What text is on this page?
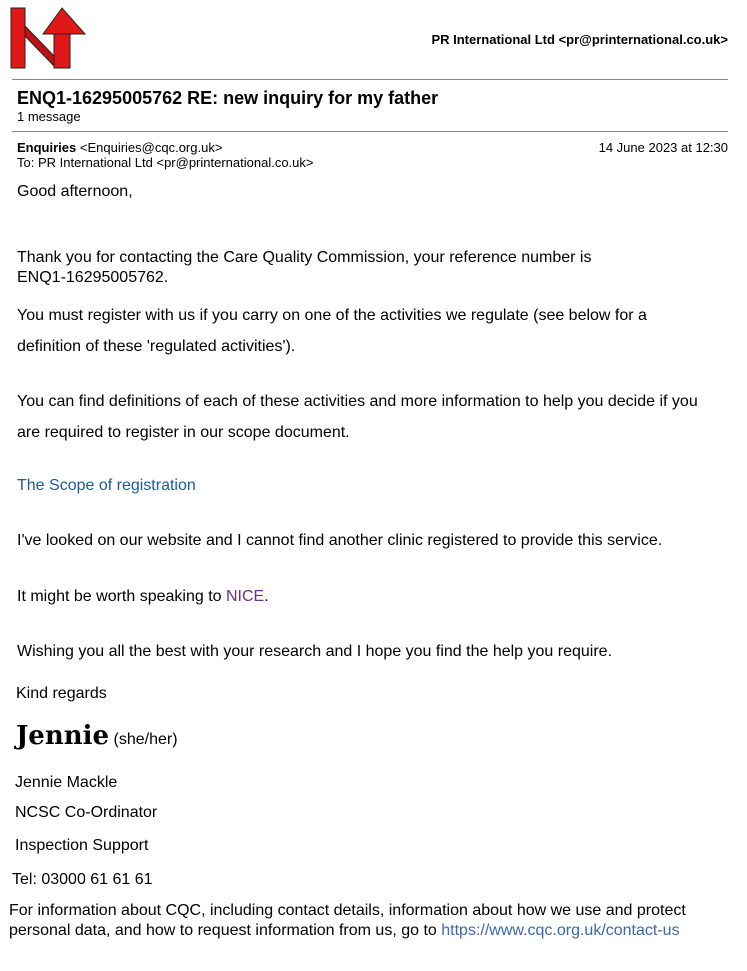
PR International Ltd <pr@printernational.co.uk>
ENQ1-16295005762 RE: new inquiry for my father
1 message
Enquiries <Enquiries@cqc.org.uk>	14 June 2023 at 12:30
To: PR International Ltd <pr@printernational.co.uk>
Good afternoon,
Thank you for contacting the Care Quality Commission, your reference number is ENQ1-16295005762.
You must register with us if you carry on one of the activities we regulate (see below for a definition of these 'regulated activities').
You can find definitions of each of these activities and more information to help you decide if you are required to register in our scope document.
The Scope of registration
I've looked on our website and I cannot find another clinic registered to provide this service.
It might be worth speaking to NICE.
Wishing you all the best with your research and I hope you find the help you require.
Kind regards
Jennie (she/her)
Jennie Mackle
NCSC Co-Ordinator
Inspection Support
Tel: 03000 61 61 61
For information about CQC, including contact details, information about how we use and protect personal data, and how to request information from us, go to https://www.cqc.org.uk/contact-us
